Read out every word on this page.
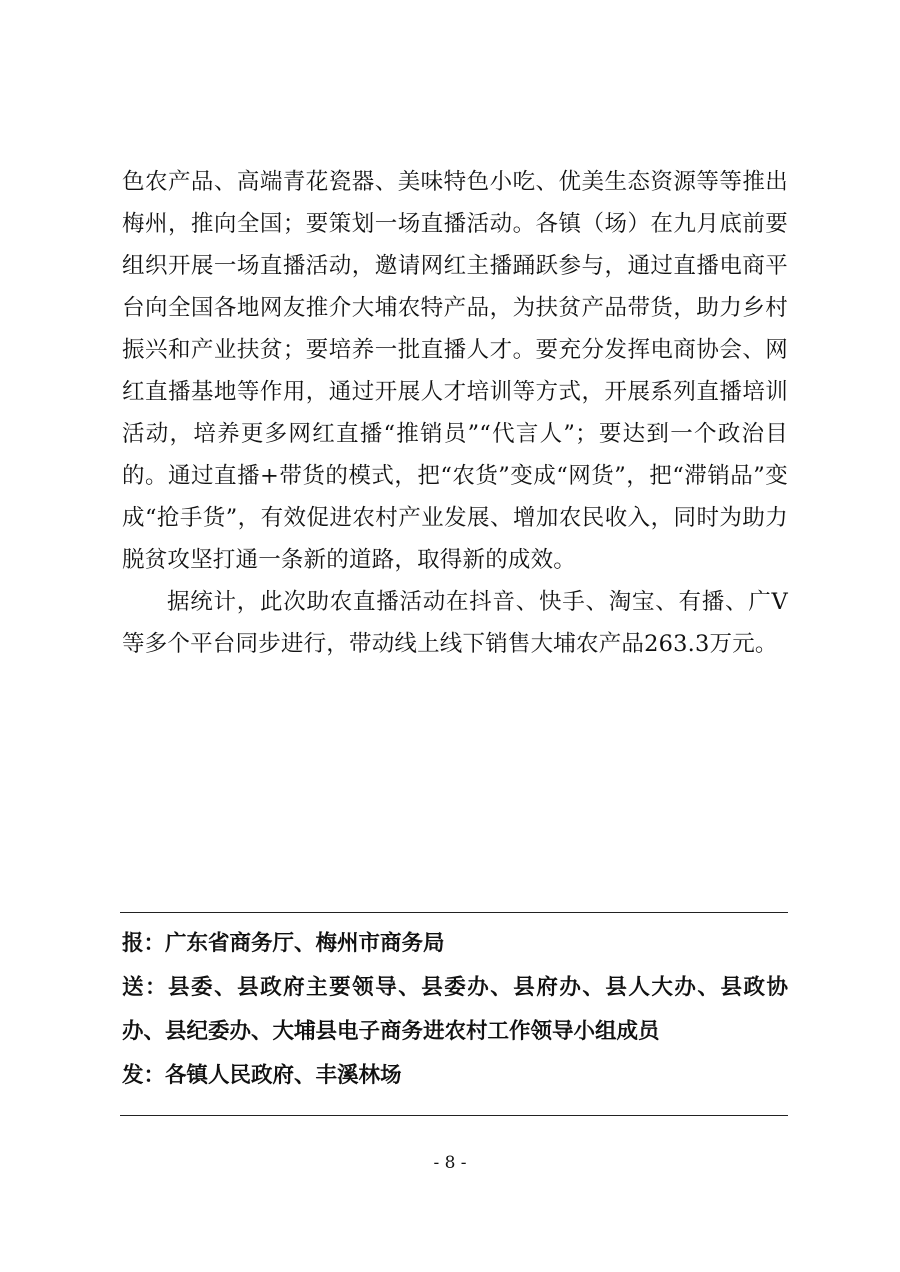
色农产品、高端青花瓷器、美味特色小吃、优美生态资源等等推出梅州，推向全国；要策划一场直播活动。各镇（场）在九月底前要组织开展一场直播活动，邀请网红主播踊跃参与，通过直播电商平台向全国各地网友推介大埔农特产品，为扶贫产品带货，助力乡村振兴和产业扶贫；要培养一批直播人才。要充分发挥电商协会、网红直播基地等作用，通过开展人才培训等方式，开展系列直播培训活动，培养更多网红直播“推销员”“代言人”；要达到一个政治目的。通过直播+带货的模式，把“农货”变成“网货”，把“滞销品”变成“抢手货”，有效促进农村产业发展、增加农民收入，同时为助力脱贫攻坚打通一条新的道路，取得新的成效。

据统计，此次助农直播活动在抖音、快手、淘宝、有播、广V等多个平台同步进行，带动线上线下销售大埔农产品263.3万元。

报：广东省商务厅、梅州市商务局

送：县委、县政府主要领导、县委办、县府办、县人大办、县政协办、县纪委办、大埔县电子商务进农村工作领导小组成员

发：各镇人民政府、丰溪林场

- 8 -
